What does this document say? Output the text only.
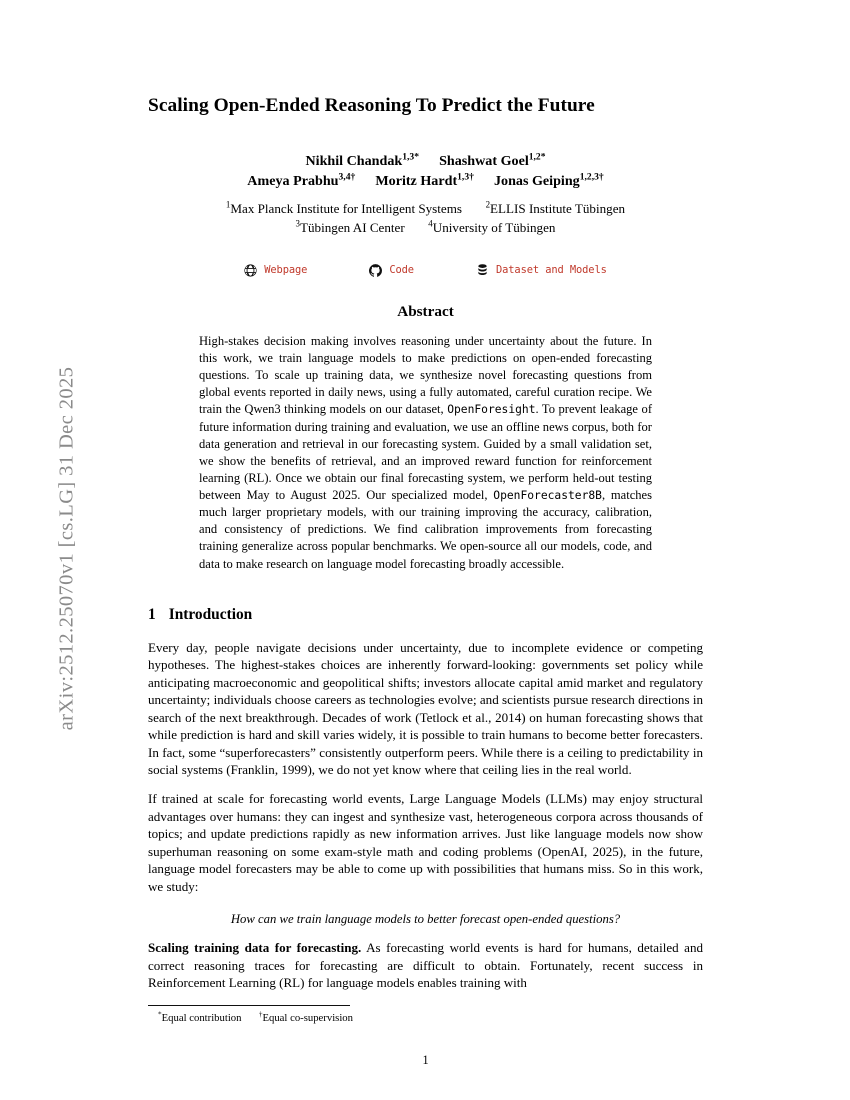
arXiv:2512.25070v1 [cs.LG] 31 Dec 2025
Scaling Open-Ended Reasoning To Predict the Future
Nikhil Chandak$^{1,3*}$ Shashwat Goel$^{1,2*}$
Ameya Prabhu$^{3,4\dagger}$ Moritz Hardt$^{1,3\dagger}$ Jonas Geiping$^{1,2,3\dagger}$
$^1$Max Planck Institute for Intelligent Systems	$^2$ELLIS Institute Tübingen
$^3$Tübingen AI Center	$^4$University of Tübingen
Webpage	Code	Dataset and Models
Abstract
High-stakes decision making involves reasoning under uncertainty about the future. In this work, we train language models to make predictions on open-ended forecasting questions. To scale up training data, we synthesize novel forecasting questions from global events reported in daily news, using a fully automated, careful curation recipe. We train the Qwen3 thinking models on our dataset, OpenForesight. To prevent leakage of future information during training and evaluation, we use an offline news corpus, both for data generation and retrieval in our forecasting system. Guided by a small validation set, we show the benefits of retrieval, and an improved reward function for reinforcement learning (RL). Once we obtain our final forecasting system, we perform held-out testing between May to August 2025. Our specialized model, OpenForecaster8B, matches much larger proprietary models, with our training improving the accuracy, calibration, and consistency of predictions. We find calibration improvements from forecasting training generalize across popular benchmarks. We open-source all our models, code, and data to make research on language model forecasting broadly accessible.
1 Introduction

Every day, people navigate decisions under uncertainty, due to incomplete evidence or competing hypotheses. The highest-stakes choices are inherently forward-looking: governments set policy while anticipating macroeconomic and geopolitical shifts; investors allocate capital amid market and regulatory uncertainty; individuals choose careers as technologies evolve; and scientists pursue research directions in search of the next breakthrough. Decades of work (Tetlock et al., 2014) on human forecasting shows that while prediction is hard and skill varies widely, it is possible to train humans to become better forecasters. In fact, some “superforecasters” consistently outperform peers. While there is a ceiling to predictability in social systems (Franklin, 1999), we do not yet know where that ceiling lies in the real world.

If trained at scale for forecasting world events, Large Language Models (LLMs) may enjoy structural advantages over humans: they can ingest and synthesize vast, heterogeneous corpora across thousands of topics; and update predictions rapidly as new information arrives. Just like language models now show superhuman reasoning on some exam-style math and coding problems (OpenAI, 2025), in the future, language model forecasters may be able to come up with possibilities that humans miss. So in this work, we study:

How can we train language models to better forecast open-ended questions?

Scaling training data for forecasting. As forecasting world events is hard for humans, detailed and correct reasoning traces for forecasting are difficult to obtain. Fortunately, recent success in Reinforcement Learning (RL) for language models enables training with

*Equal contribution †Equal co-supervision
1
